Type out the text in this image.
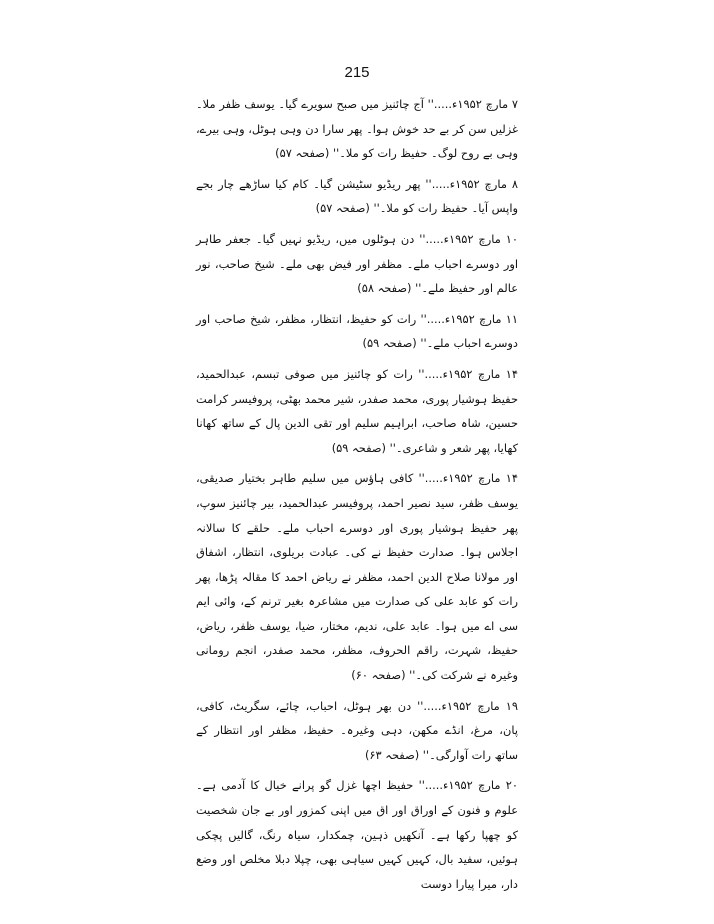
215

۷ مارچ ۱۹۵۲ء.....'' آج چائنیز میں صبح سویرے گیا۔ یوسف ظفر ملا۔ غزلیں سن کر بے حد خوش ہوا۔ پھر سارا دن وہی ہوٹل، وہی بیرے، وہی بے روح لوگ۔ حفیظ رات کو ملا۔'' (صفحہ ۵۷)

۸ مارچ ۱۹۵۲ء.....'' پھر ریڈیو سٹیشن گیا۔ کام کیا ساڑھے چار بجے واپس آیا۔ حفیظ رات کو ملا۔'' (صفحہ ۵۷)

۱۰ مارچ ۱۹۵۲ء.....'' دن ہوٹلوں میں، ریڈیو نہیں گیا۔ جعفر طاہر اور دوسرے احباب ملے۔ مظفر اور فیض بھی ملے۔ شیخ صاحب، نور عالم اور حفیظ ملے۔'' (صفحہ ۵۸)

۱۱ مارچ ۱۹۵۲ء.....'' رات کو حفیظ، انتظار، مظفر، شیخ صاحب اور دوسرے احباب ملے۔'' (صفحہ ۵۹)

۱۴ مارچ ۱۹۵۲ء.....'' رات کو چائنیز میں صوفی تبسم، عبدالحمید، حفیظ ہوشیار پوری، محمد صفدر، شیر محمد بھٹی، پروفیسر کرامت حسین، شاہ صاحب، ابراہیم سلیم اور تقی الدین پال کے ساتھ کھانا کھایا، پھر شعر و شاعری۔'' (صفحہ ۵۹)

۱۴ مارچ ۱۹۵۲ء.....'' کافی ہاؤس میں سلیم طاہر بختیار صدیقی، یوسف ظفر، سید نصیر احمد، پروفیسر عبدالحمید، بیر چائنیز سوپ، پھر حفیظ ہوشیار پوری اور دوسرے احباب ملے۔ حلقے کا سالانہ اجلاس ہوا۔ صدارت حفیظ نے کی۔ عبادت بریلوی، انتظار، اشفاق اور مولانا صلاح الدین احمد، مظفر نے ریاض احمد کا مقالہ پڑھا، پھر رات کو عابد علی کی صدارت میں مشاعرہ بغیر ترنم کے، وائی ایم سی اے میں ہوا۔ عابد علی، ندیم، مختار، ضیا، یوسف ظفر، ریاض، حفیظ، شہرت، راقم الحروف، مظفر، محمد صفدر، انجم رومانی وغیرہ نے شرکت کی۔'' (صفحہ ۶۰)

۱۹ مارچ ۱۹۵۲ء.....'' دن بھر ہوٹل، احباب، چائے، سگریٹ، کافی، پان، مرغ، انڈے مکھن، دہی وغیرہ۔ حفیظ، مظفر اور انتظار کے ساتھ رات آوارگی۔'' (صفحہ ۶۳)

۲۰ مارچ ۱۹۵۲ء.....'' حفیظ اچھا غزل گو پرانے خیال کا آدمی ہے۔ علوم و فنون کے اوراق اور اق میں اپنی کمزور اور بے جان شخصیت کو چھپا رکھا ہے۔ آنکھیں ذہین، چمکدار، سیاہ رنگ، گالیں پچکی ہوئیں، سفید بال، کہیں کہیں سیاہی بھی، چپلا دبلا مخلص اور وضع دار، میرا پیارا دوست
